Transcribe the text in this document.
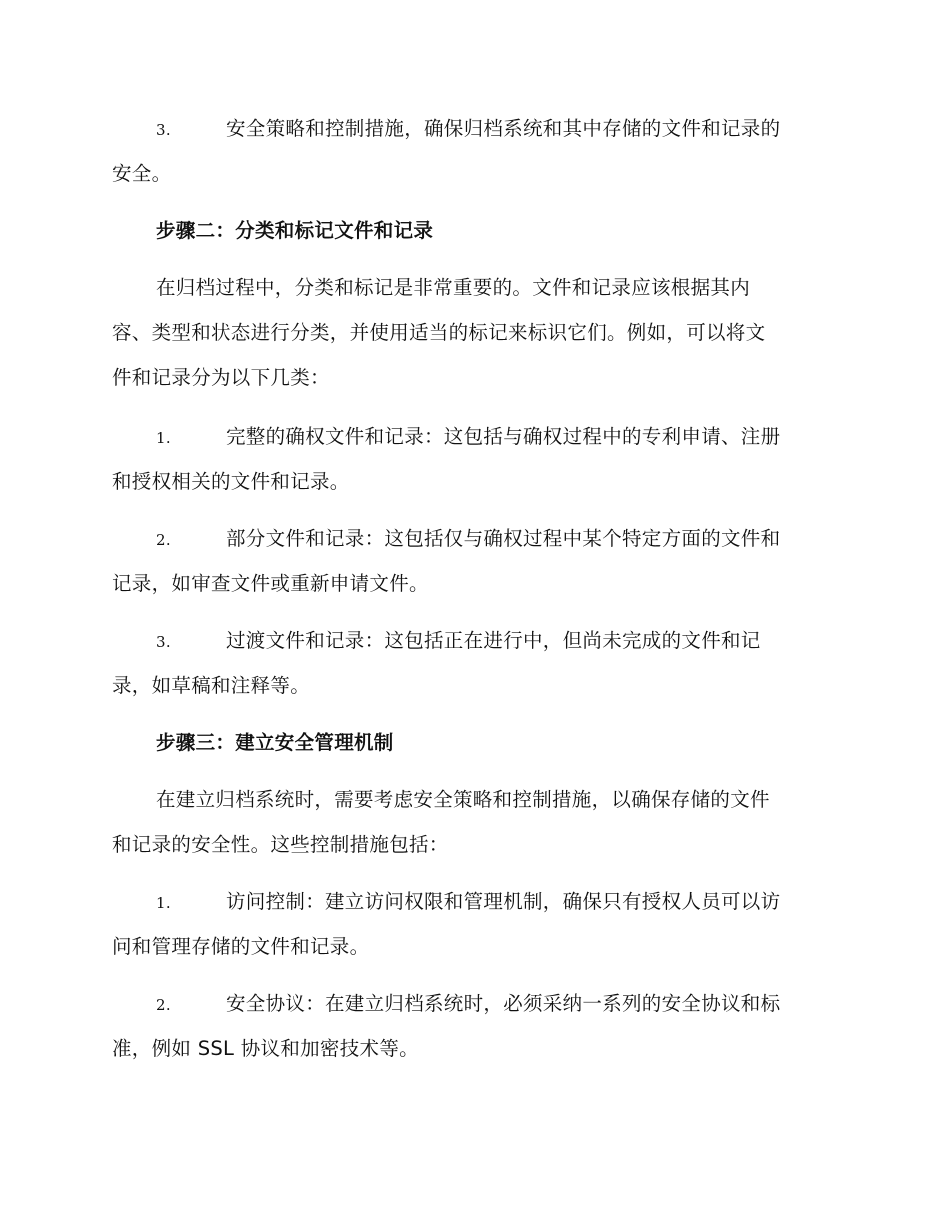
3.	安全策略和控制措施，确保归档系统和其中存储的文件和记录的
安全。
步骤二：分类和标记文件和记录
在归档过程中，分类和标记是非常重要的。文件和记录应该根据其内
容、类型和状态进行分类，并使用适当的标记来标识它们。例如，可以将文
件和记录分为以下几类：
1.	完整的确权文件和记录：这包括与确权过程中的专利申请、注册
和授权相关的文件和记录。
2.	部分文件和记录：这包括仅与确权过程中某个特定方面的文件和
记录，如审查文件或重新申请文件。
3.	过渡文件和记录：这包括正在进行中，但尚未完成的文件和记
录，如草稿和注释等。
步骤三：建立安全管理机制
在建立归档系统时，需要考虑安全策略和控制措施，以确保存储的文件
和记录的安全性。这些控制措施包括：
1.	访问控制：建立访问权限和管理机制，确保只有授权人员可以访
问和管理存储的文件和记录。
2.	安全协议：在建立归档系统时，必须采纳一系列的安全协议和标
准，例如 SSL 协议和加密技术等。
